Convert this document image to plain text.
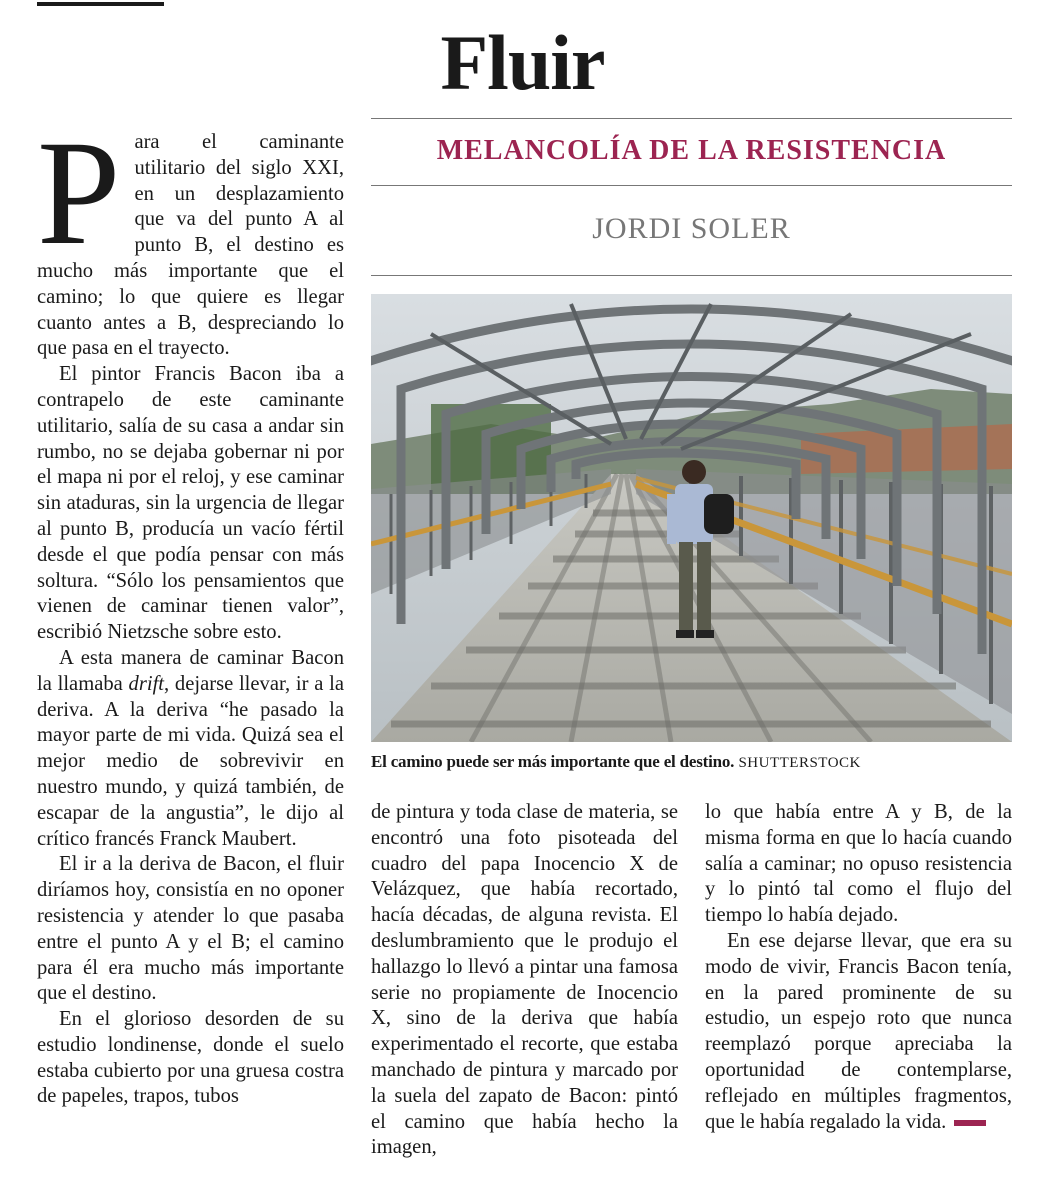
Fluir
MELANCOLÍA DE LA RESISTENCIA
JORDI SOLER
El camino puede ser más importante que el destino. SHUTTERSTOCK

Para el caminante utilitario del siglo XXI, en un desplazamiento que va del punto A al punto B, el destino es mucho más importante que el camino; lo que quiere es llegar cuanto antes a B, despreciando lo que pasa en el trayecto.

El pintor Francis Bacon iba a contrapelo de este caminante utilitario, salía de su casa a andar sin rumbo, no se dejaba gobernar ni por el mapa ni por el reloj, y ese caminar sin ataduras, sin la urgencia de llegar al punto B, producía un vacío fértil desde el que podía pensar con más soltura. “Sólo los pensamientos que vienen de caminar tienen valor”, escribió Nietzsche sobre esto.

A esta manera de caminar Bacon la llamaba drift, dejarse llevar, ir a la deriva. A la deriva “he pasado la mayor parte de mi vida. Quizá sea el mejor medio de sobrevivir en nuestro mundo, y quizá también, de escapar de la angustia”, le dijo al crítico francés Franck Maubert.

El ir a la deriva de Bacon, el fluir diríamos hoy, consistía en no oponer resistencia y atender lo que pasaba entre el punto A y el B; el camino para él era mucho más importante que el destino.

En el glorioso desorden de su estudio londinense, donde el suelo estaba cubierto por una gruesa costra de papeles, trapos, tubos

de pintura y toda clase de materia, se encontró una foto pisoteada del cuadro del papa Inocencio X de Velázquez, que había recortado, hacía décadas, de alguna revista. El deslumbramiento que le produjo el hallazgo lo llevó a pintar una famosa serie no propiamente de Inocencio X, sino de la deriva que había experimentado el recorte, que estaba manchado de pintura y marcado por la suela del zapato de Bacon: pintó el camino que había hecho la imagen,

lo que había entre A y B, de la misma forma en que lo hacía cuando salía a caminar; no opuso resistencia y lo pintó tal como el flujo del tiempo lo había dejado.

En ese dejarse llevar, que era su modo de vivir, Francis Bacon tenía, en la pared prominente de su estudio, un espejo roto que nunca reemplazó porque apreciaba la oportunidad de contemplarse, reflejado en múltiples fragmentos, que le había regalado la vida.
